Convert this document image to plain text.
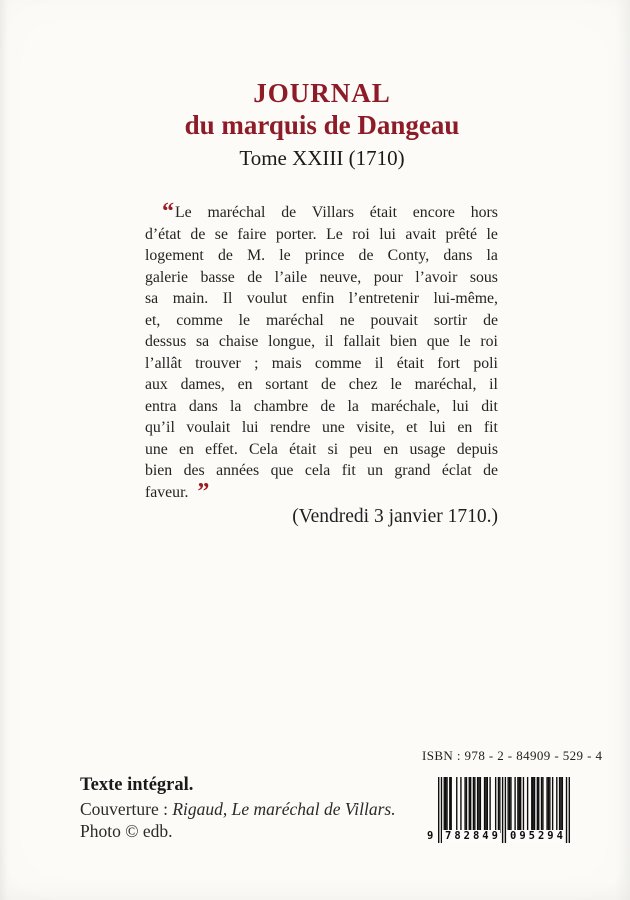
JOURNAL
du marquis de Dangeau
Tome XXIII (1710)
“ Le maréchal de Villars était encore hors
d’état de se faire porter. Le roi lui avait prêté le
logement de M. le prince de Conty, dans la
galerie basse de l’aile neuve, pour l’avoir sous
sa main. Il voulut enfin l’entretenir lui-même,
et, comme le maréchal ne pouvait sortir de
dessus sa chaise longue, il fallait bien que le roi
l’allât trouver ; mais comme il était fort poli
aux dames, en sortant de chez le maréchal, il
entra dans la chambre de la maréchale, lui dit
qu’il voulait lui rendre une visite, et lui en fit
une en effet. Cela était si peu en usage depuis
bien des années que cela fit un grand éclat de
faveur. ”
(Vendredi 3 janvier 1710.)
Texte intégral.
Couverture : Rigaud, Le maréchal de Villars.
Photo © edb.
ISBN : 978 - 2 - 84909 - 529 - 4
9 782849 095294
